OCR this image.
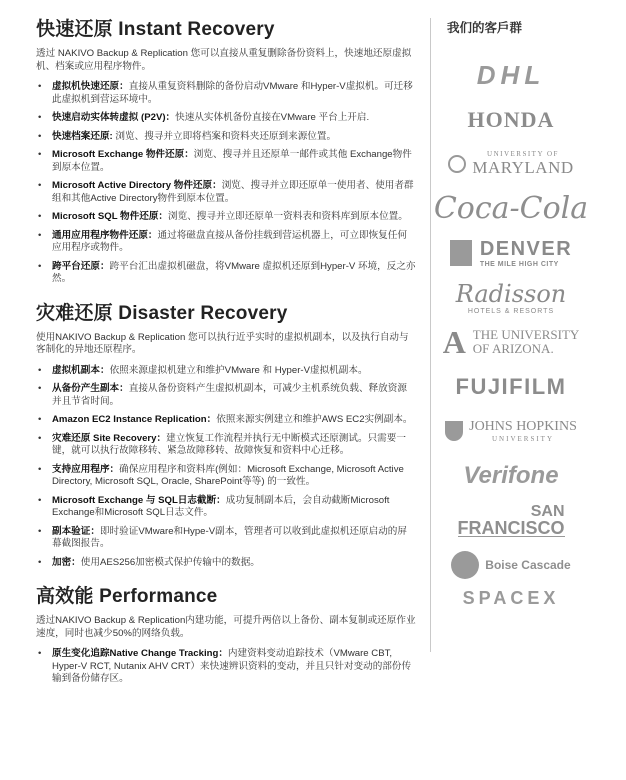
快速还原 Instant Recovery

透过 NAKIVO Backup & Replication 您可以直接从重复删除备份资料上，快速地还原虚拟机、档案或应用程序物件。

• 虚拟机快速还原：直接从重复资料删除的备份启动VMware 和Hyper-V虚拟机。可迁移此虚拟机到营运环境中。
• 快速启动实体转虚拟 (P2V)：快速从实体机备份直接在VMware 平台上开启.
• 快速档案还原: 浏览、搜寻并立即将档案和资料夹还原到来源位置。
• Microsoft Exchange 物件还原：浏览、搜寻并且还原单一邮件或其他 Exchange物件到原本位置。
• Microsoft Active Directory 物件还原：浏览、搜寻并立即还原单一使用者、使用者群组和其他Active Directory物件到原本位置。
• Microsoft SQL 物件还原：浏览、搜寻并立即还原单一资料表和资料库到原本位置。
• 通用应用程序物件还原：通过将磁盘直接从备份挂载到营运机器上，可立即恢复任何应用程序或物件。
• 跨平台还原：跨平台汇出虚拟机磁盘，将VMware 虚拟机还原到Hyper-V 环境，反之亦然。
灾难还原 Disaster Recovery

使用NAKIVO Backup & Replication 您可以执行近乎实时的虚拟机副本，以及执行自动与客制化的异地还原程序。

• 虚拟机副本：依照来源虚拟机建立和维护VMware 和 Hyper-V虚拟机副本。
• 从备份产生副本：直接从备份资料产生虚拟机副本，可减少主机系统负载、释放资源并且节省时间。
• Amazon EC2 Instance Replication：依照来源实例建立和维护AWS EC2实例副本。
• 灾难还原 Site Recovery：建立恢复工作流程并执行无中断模式还原测试。只需要一键，就可以执行故障移转、紧急故障移转、故障恢复和资料中心迁移。
• 支持应用程序：确保应用程序和资料库(例如：Microsoft Exchange, Microsoft Active Directory, Microsoft SQL, Oracle, SharePoint等等) 的一致性。
• Microsoft Exchange 与 SQL日志截断：成功复制副本后，会自动截断Microsoft Exchange和Microsoft SQL日志文件。
• 副本验证：即时验证VMware和Hype-V副本，管理者可以收到此虚拟机还原启动的屏幕截图报告。
• 加密：使用AES256加密模式保护传输中的数据。
高效能 Performance

透过NAKIVO Backup & Replication内建功能，可提升两倍以上备份、副本复制或还原作业速度，同时也减少50%的网络负载。

• 原生变化追踪Native Change Tracking：内建资料变动追踪技术（VMware CBT, Hyper-V RCT, Nutanix AHV CRT）来快速辨识资料的变动，并且只针对变动的部份传输到备份储存区。
我们的客戶群
DHL
HONDA
UNIVERSITY OF
MARYLAND
Coca-Cola
DENVER
THE MILE HIGH CITY
Radisson
HOTELS & RESORTS
A THE UNIVERSITY
OF ARIZONA.
FUJIFILM
JOHNS HOPKINS
UNIVERSITY
Verifone
SAN
FRANCISCO
Boise Cascade
SPACEX
